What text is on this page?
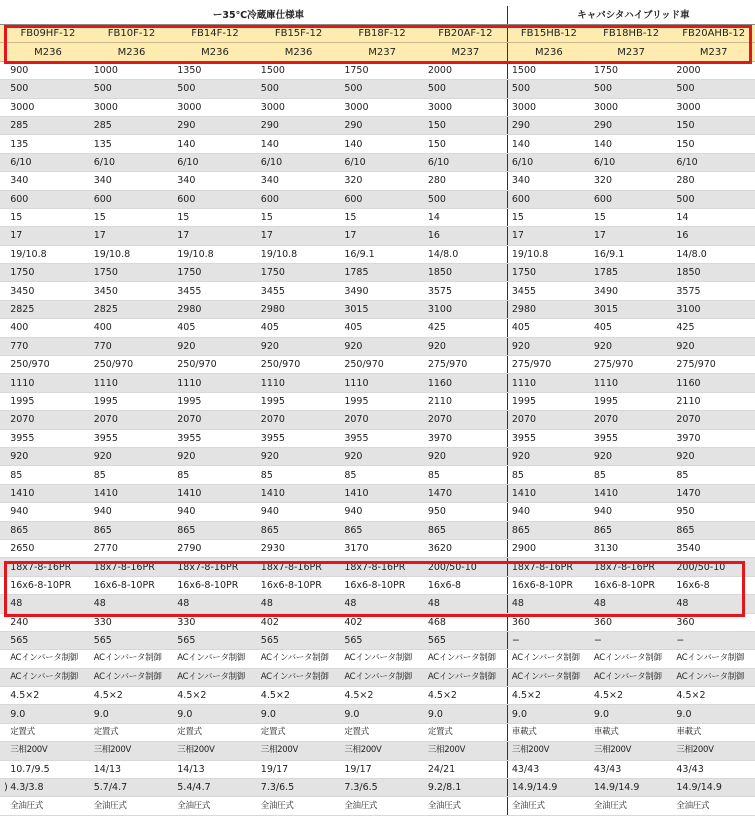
	ー35℃冷蔵庫仕様車						キャパシタハイブリッド車		
	FB09HF-12	FB10F-12	FB14F-12	FB15F-12	FB18F-12	FB20AF-12	FB15HB-12	FB18HB-12	FB20AHB-12
	M236	M236	M236	M236	M237	M237	M236	M237	M237
	900	1000	1350	1500	1750	2000	1500	1750	2000
	500	500	500	500	500	500	500	500	500
	3000	3000	3000	3000	3000	3000	3000	3000	3000
	285	285	290	290	290	150	290	290	150
	135	135	140	140	140	150	140	140	150
	6/10	6/10	6/10	6/10	6/10	6/10	6/10	6/10	6/10
	340	340	340	340	320	280	340	320	280
	600	600	600	600	600	500	600	600	500
	15	15	15	15	15	14	15	15	14
	17	17	17	17	17	16	17	17	16
	19/10.8	19/10.8	19/10.8	19/10.8	16/9.1	14/8.0	19/10.8	16/9.1	14/8.0
	1750	1750	1750	1750	1785	1850	1750	1785	1850
	3450	3450	3455	3455	3490	3575	3455	3490	3575
	2825	2825	2980	2980	3015	3100	2980	3015	3100
	400	400	405	405	405	425	405	405	425
	770	770	920	920	920	920	920	920	920
	250/970	250/970	250/970	250/970	250/970	275/970	275/970	275/970	275/970
	1110	1110	1110	1110	1110	1160	1110	1110	1160
	1995	1995	1995	1995	1995	2110	1995	1995	2110
	2070	2070	2070	2070	2070	2070	2070	2070	2070
	3955	3955	3955	3955	3955	3970	3955	3955	3970
	920	920	920	920	920	920	920	920	920
	85	85	85	85	85	85	85	85	85
	1410	1410	1410	1410	1410	1470	1410	1410	1470
	940	940	940	940	940	950	940	940	950
	865	865	865	865	865	865	865	865	865
	2650	2770	2790	2930	3170	3620	2900	3130	3540
	18x7-8-16PR	18x7-8-16PR	18x7-8-16PR	18x7-8-16PR	18x7-8-16PR	200/50-10	18x7-8-16PR	18x7-8-16PR	200/50-10
	16x6-8-10PR	16x6-8-10PR	16x6-8-10PR	16x6-8-10PR	16x6-8-10PR	16x6-8	16x6-8-10PR	16x6-8-10PR	16x6-8
	48	48	48	48	48	48	48	48	48
	240	330	330	402	402	468	360	360	360
	565	565	565	565	565	565	−	−	−
	ACインバータ制御	ACインバータ制御	ACインバータ制御	ACインバータ制御	ACインバータ制御	ACインバータ制御	ACインバータ制御	ACインバータ制御	ACインバータ制御
	ACインバータ制御	ACインバータ制御	ACインバータ制御	ACインバータ制御	ACインバータ制御	ACインバータ制御	ACインバータ制御	ACインバータ制御	ACインバータ制御
	4.5×2	4.5×2	4.5×2	4.5×2	4.5×2	4.5×2	4.5×2	4.5×2	4.5×2
	9.0	9.0	9.0	9.0	9.0	9.0	9.0	9.0	9.0
	定置式	定置式	定置式	定置式	定置式	定置式	車載式	車載式	車載式
	三相200V	三相200V	三相200V	三相200V	三相200V	三相200V	三相200V	三相200V	三相200V
	10.7/9.5	14/13	14/13	19/17	19/17	24/21	43/43	43/43	43/43
)	4.3/3.8	5.7/4.7	5.4/4.7	7.3/6.5	7.3/6.5	9.2/8.1	14.9/14.9	14.9/14.9	14.9/14.9
	全油圧式	全油圧式	全油圧式	全油圧式	全油圧式	全油圧式	全油圧式	全油圧式	全油圧式
